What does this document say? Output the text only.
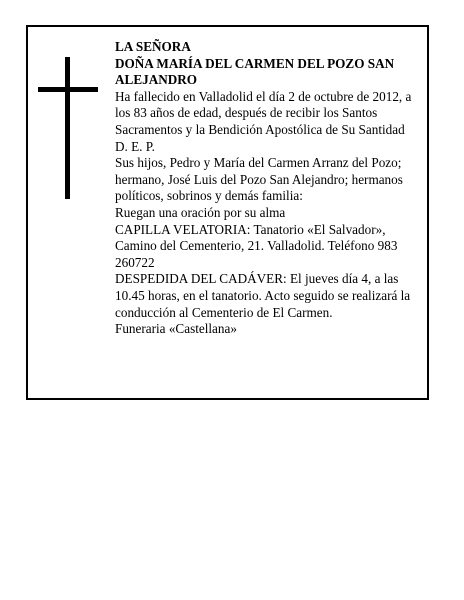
LA SEÑORA
DOÑA MARÍA DEL CARMEN DEL POZO SAN ALEJANDRO
Ha fallecido en Valladolid el día 2 de octubre de 2012, a los 83 años de edad, después de recibir los Santos Sacramentos y la Bendición Apostólica de Su Santidad
D. E. P.
Sus hijos, Pedro y María del Carmen Arranz del Pozo; hermano, José Luis del Pozo San Alejandro; hermanos políticos, sobrinos y demás familia:
Ruegan una oración por su alma
CAPILLA VELATORIA: Tanatorio «El Salvador», Camino del Cementerio, 21. Valladolid. Teléfono 983 260722
DESPEDIDA DEL CADÁVER: El jueves día 4, a las 10.45 horas, en el tanatorio. Acto seguido se realizará la conducción al Cementerio de El Carmen.
Funeraria «Castellana»
